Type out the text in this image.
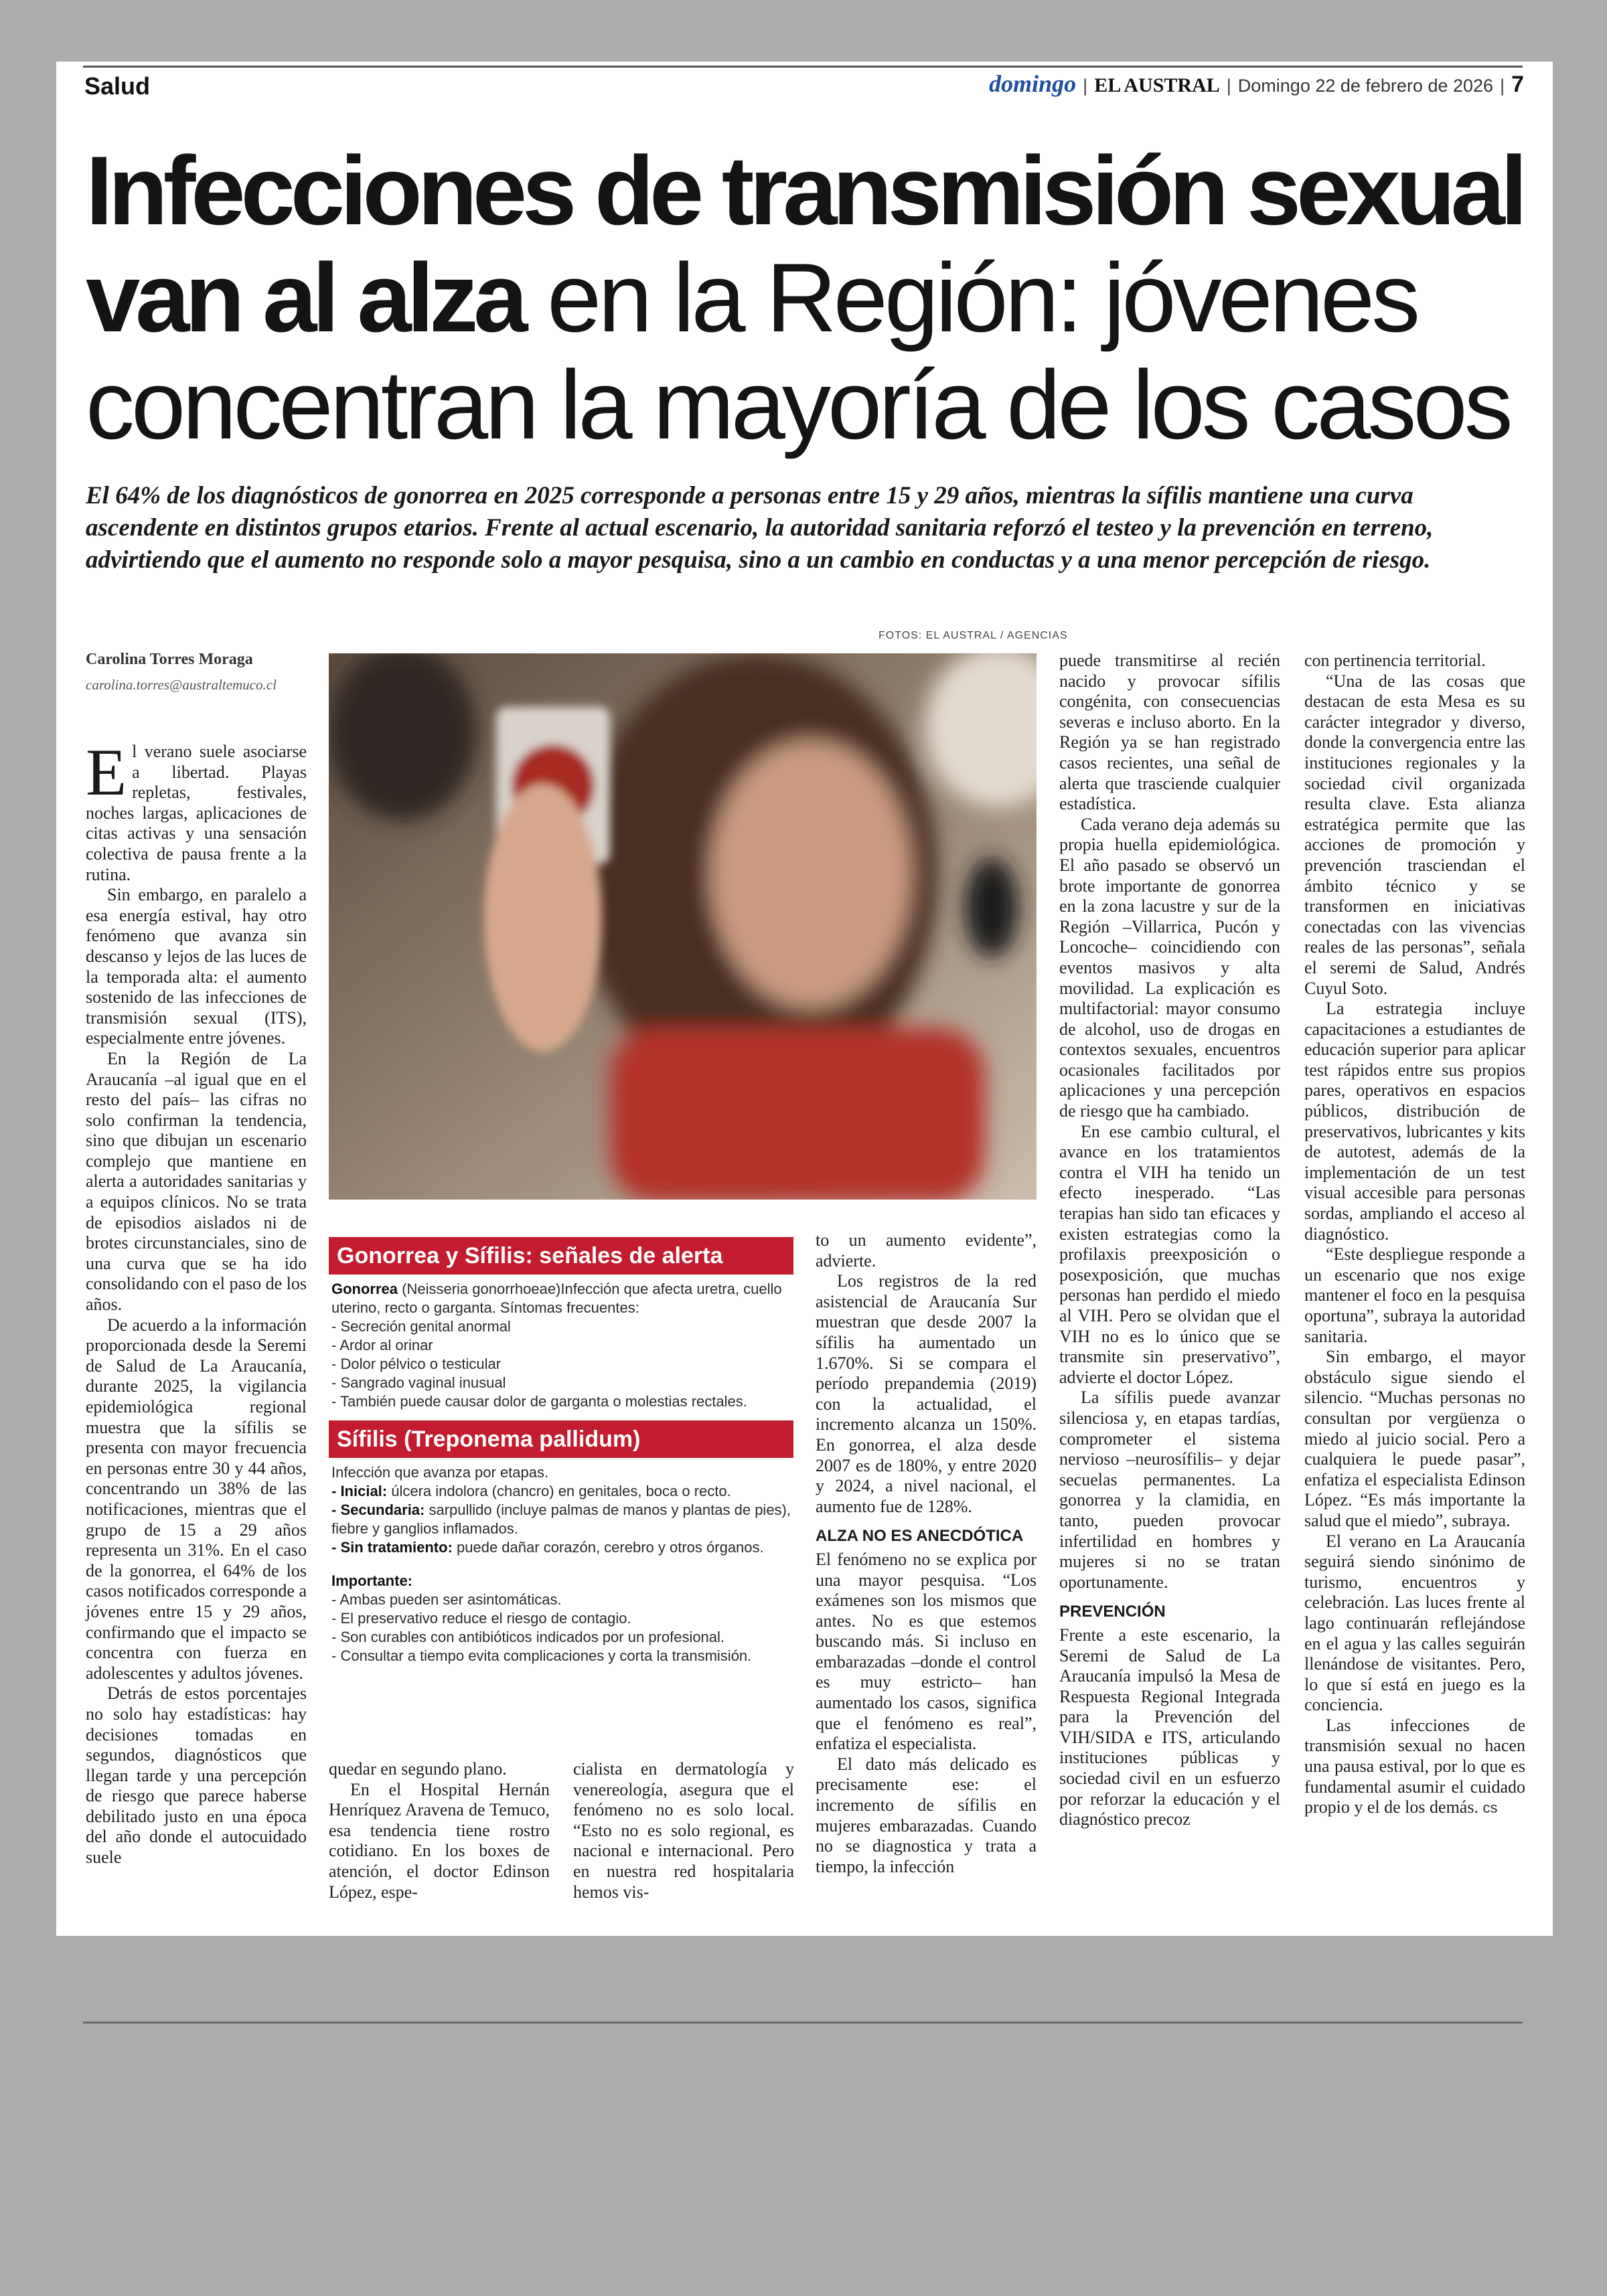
Salud	domingo | EL AUSTRAL | Domingo 22 de febrero de 2026 | 7
Infecciones de transmisión sexual
van al alza en la Región: jóvenes
concentran la mayoría de los casos

El 64% de los diagnósticos de gonorrea en 2025 corresponde a personas entre 15 y 29 años, mientras la sífilis mantiene una curva ascendente en distintos grupos etarios. Frente al actual escenario, la autoridad sanitaria reforzó el testeo y la prevención en terreno, advirtiendo que el aumento no responde solo a mayor pesquisa, sino a un cambio en conductas y a una menor percepción de riesgo.

FOTOS: EL AUSTRAL / AGENCIAS
Carolina Torres Moraga
carolina.torres@australtemuco.cl

El verano suele asociarse a libertad. Playas repletas, festivales, noches largas, aplicaciones de citas activas y una sensación colectiva de pausa frente a la rutina.

Sin embargo, en paralelo a esa energía estival, hay otro fenómeno que avanza sin descanso y lejos de las luces de la temporada alta: el aumento sostenido de las infecciones de transmisión sexual (ITS), especialmente entre jóvenes.

En la Región de La Araucanía –al igual que en el resto del país– las cifras no solo confirman la tendencia, sino que dibujan un escenario complejo que mantiene en alerta a autoridades sanitarias y a equipos clínicos. No se trata de episodios aislados ni de brotes circunstanciales, sino de una curva que se ha ido consolidando con el paso de los años.

De acuerdo a la información proporcionada desde la Seremi de Salud de La Araucanía, durante 2025, la vigilancia epidemiológica regional muestra que la sífilis se presenta con mayor frecuencia en personas entre 30 y 44 años, concentrando un 38% de las notificaciones, mientras que el grupo de 15 a 29 años representa un 31%. En el caso de la gonorrea, el 64% de los casos notificados corresponde a jóvenes entre 15 y 29 años, confirmando que el impacto se concentra con fuerza en adolescentes y adultos jóvenes.

Detrás de estos porcentajes no solo hay estadísticas: hay decisiones tomadas en segundos, diagnósticos que llegan tarde y una percepción de riesgo que parece haberse debilitado justo en una época del año donde el autocuidado suele

Gonorrea y Sífilis: señales de alerta
Gonorrea (Neisseria gonorrhoeae)Infección que afecta uretra, cuello uterino, recto o garganta. Síntomas frecuentes:
- Secreción genital anormal
- Ardor al orinar
- Dolor pélvico o testicular
- Sangrado vaginal inusual
- También puede causar dolor de garganta o molestias rectales.
Sífilis (Treponema pallidum)
Infección que avanza por etapas.
- Inicial: úlcera indolora (chancro) en genitales, boca o recto.
- Secundaria: sarpullido (incluye palmas de manos y plantas de pies), fiebre y ganglios inflamados.
- Sin tratamiento: puede dañar corazón, cerebro y otros órganos.
Importante:
- Ambas pueden ser asintomáticas.
- El preservativo reduce el riesgo de contagio.
- Son curables con antibióticos indicados por un profesional.
- Consultar a tiempo evita complicaciones y corta la transmisión.

quedar en segundo plano.

En el Hospital Hernán Henríquez Aravena de Temuco, esa tendencia tiene rostro cotidiano. En los boxes de atención, el doctor Edinson López, espe-

cialista en dermatología y venereología, asegura que el fenómeno no es solo local. “Esto no es solo regional, es nacional e internacional. Pero en nuestra red hospitalaria hemos vis-

to un aumento evidente”, advierte.

Los registros de la red asistencial de Araucanía Sur muestran que desde 2007 la sífilis ha aumentado un 1.670%. Si se compara el período prepandemia (2019) con la actualidad, el incremento alcanza un 150%. En gonorrea, el alza desde 2007 es de 180%, y entre 2020 y 2024, a nivel nacional, el aumento fue de 128%.

ALZA NO ES ANECDÓTICA

El fenómeno no se explica por una mayor pesquisa. “Los exámenes son los mismos que antes. No es que estemos buscando más. Si incluso en embarazadas –donde el control es muy estricto– han aumentado los casos, significa que el fenómeno es real”, enfatiza el especialista.

El dato más delicado es precisamente ese: el incremento de sífilis en mujeres embarazadas. Cuando no se diagnostica y trata a tiempo, la infección

puede transmitirse al recién nacido y provocar sífilis congénita, con consecuencias severas e incluso aborto. En la Región ya se han registrado casos recientes, una señal de alerta que trasciende cualquier estadística.

Cada verano deja además su propia huella epidemiológica. El año pasado se observó un brote importante de gonorrea en la zona lacustre y sur de la Región –Villarrica, Pucón y Loncoche– coincidiendo con eventos masivos y alta movilidad. La explicación es multifactorial: mayor consumo de alcohol, uso de drogas en contextos sexuales, encuentros ocasionales facilitados por aplicaciones y una percepción de riesgo que ha cambiado.

En ese cambio cultural, el avance en los tratamientos contra el VIH ha tenido un efecto inesperado. “Las terapias han sido tan eficaces y existen estrategias como la profilaxis preexposición o posexposición, que muchas personas han perdido el miedo al VIH. Pero se olvidan que el VIH no es lo único que se transmite sin preservativo”, advierte el doctor López.

La sífilis puede avanzar silenciosa y, en etapas tardías, comprometer el sistema nervioso –neurosífilis– y dejar secuelas permanentes. La gonorrea y la clamidia, en tanto, pueden provocar infertilidad en hombres y mujeres si no se tratan oportunamente.

PREVENCIÓN

Frente a este escenario, la Seremi de Salud de La Araucanía impulsó la Mesa de Respuesta Regional Integrada para la Prevención del VIH/SIDA e ITS, articulando instituciones públicas y sociedad civil en un esfuerzo por reforzar la educación y el diagnóstico precoz

con pertinencia territorial.

“Una de las cosas que destacan de esta Mesa es su carácter integrador y diverso, donde la convergencia entre las instituciones regionales y la sociedad civil organizada resulta clave. Esta alianza estratégica permite que las acciones de promoción y prevención trasciendan el ámbito técnico y se transformen en iniciativas conectadas con las vivencias reales de las personas”, señala el seremi de Salud, Andrés Cuyul Soto.

La estrategia incluye capacitaciones a estudiantes de educación superior para aplicar test rápidos entre sus propios pares, operativos en espacios públicos, distribución de preservativos, lubricantes y kits de autotest, además de la implementación de un test visual accesible para personas sordas, ampliando el acceso al diagnóstico.

“Este despliegue responde a un escenario que nos exige mantener el foco en la pesquisa oportuna”, subraya la autoridad sanitaria.

Sin embargo, el mayor obstáculo sigue siendo el silencio. “Muchas personas no consultan por vergüenza o miedo al juicio social. Pero a cualquiera le puede pasar”, enfatiza el especialista Edinson López. “Es más importante la salud que el miedo”, subraya.

El verano en La Araucanía seguirá siendo sinónimo de turismo, encuentros y celebración. Las luces frente al lago continuarán reflejándose en el agua y las calles seguirán llenándose de visitantes. Pero, lo que sí está en juego es la conciencia.

Las infecciones de transmisión sexual no hacen una pausa estival, por lo que es fundamental asumir el cuidado propio y el de los demás. cs
